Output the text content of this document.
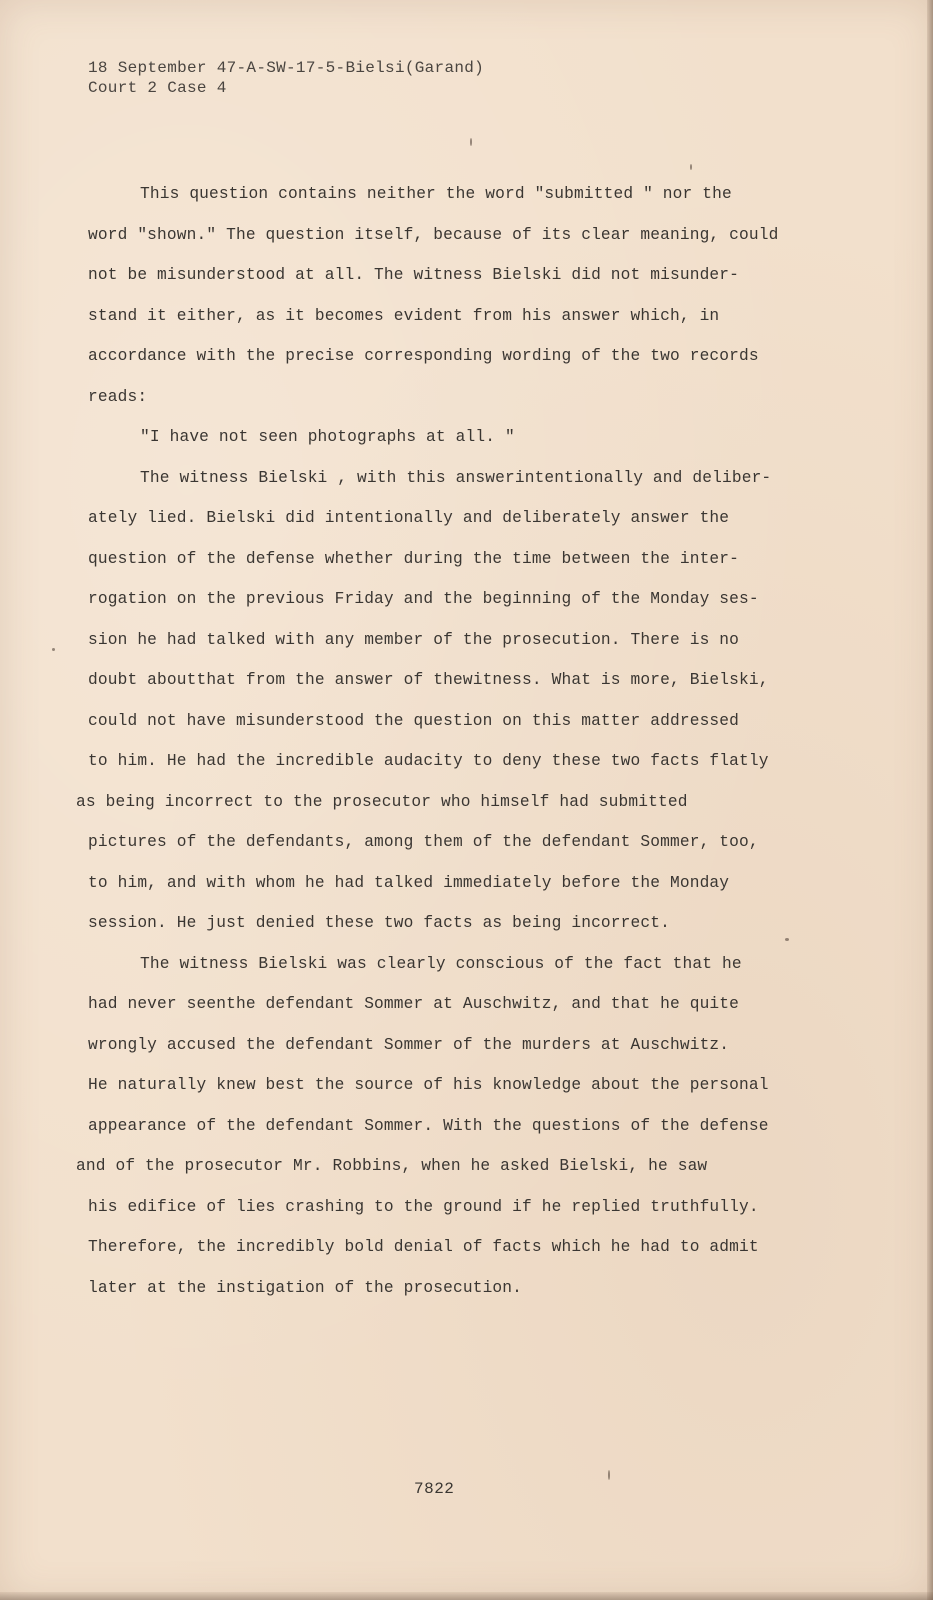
18 September 47-A-SW-17-5-Bielsi(Garand)
Court 2 Case 4
This question contains neither the word "submitted " nor the
word "shown." The question itself, because of its clear meaning, could
not be misunderstood at all. The witness Bielski did not misunder-
stand it either, as it becomes evident from his answer which, in
accordance with the precise corresponding wording of the two records
reads:
"I have not seen photographs at all. "
The witness Bielski , with this answerintentionally and deliber-
ately lied. Bielski did intentionally and deliberately answer the
question of the defense whether during the time between the inter-
rogation on the previous Friday and the beginning of the Monday ses-
sion he had talked with any member of the prosecution. There is no
doubt aboutthat from the answer of thewitness. What is more, Bielski,
could not have misunderstood the question on this matter addressed
to him. He had the incredible audacity to deny these two facts flatly
as being incorrect to the prosecutor who himself had submitted
pictures of the defendants, among them of the defendant Sommer, too,
to him, and with whom he had talked immediately before the Monday
session. He just denied these two facts as being incorrect.
The witness Bielski was clearly conscious of the fact that he
had never seenthe defendant Sommer at Auschwitz, and that he quite
wrongly accused the defendant Sommer of the murders at Auschwitz.
He naturally knew best the source of his knowledge about the personal
appearance of the defendant Sommer. With the questions of the defense
and of the prosecutor Mr. Robbins, when he asked Bielski, he saw
his edifice of lies crashing to the ground if he replied truthfully.
Therefore, the incredibly bold denial of facts which he had to admit
later at the instigation of the prosecution.
7822
